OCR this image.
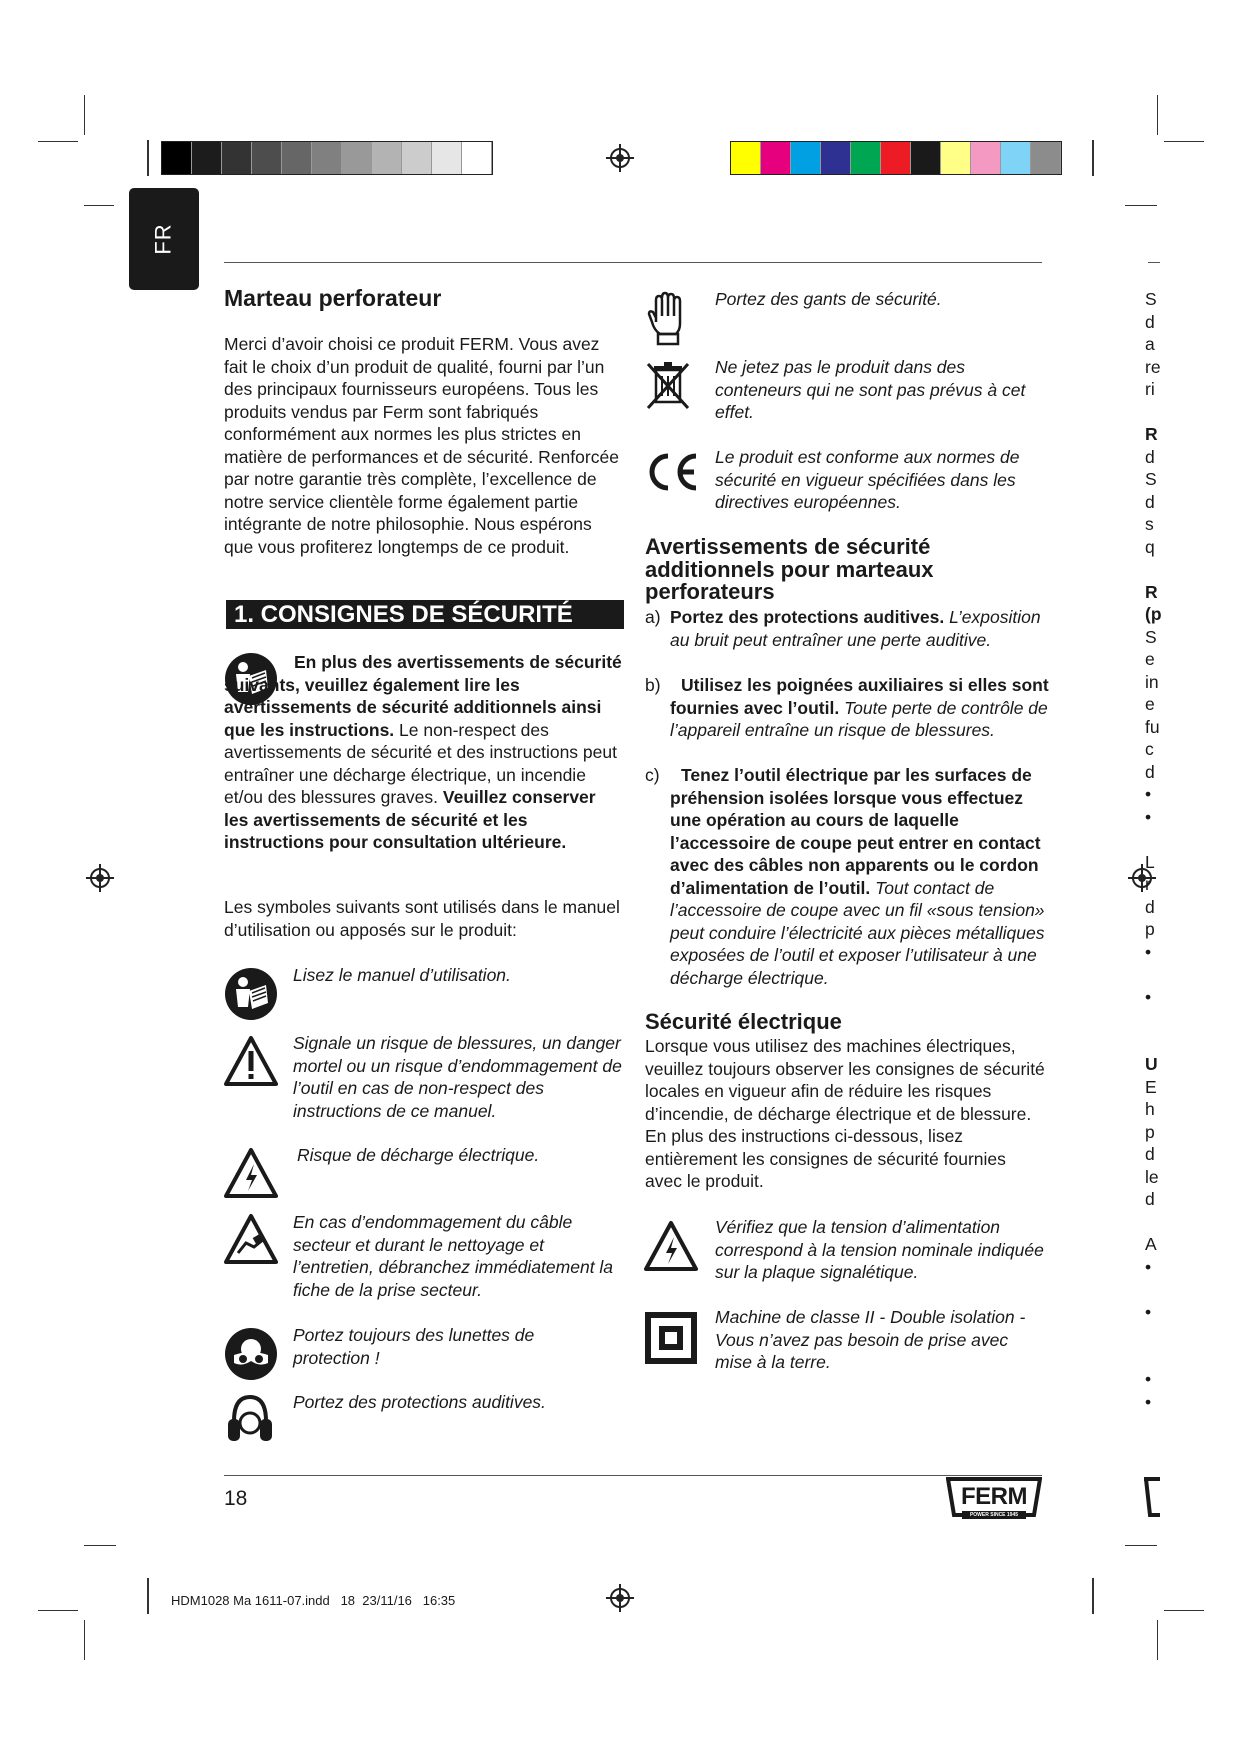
FR
Marteau perforateur
Merci d’avoir choisi ce produit FERM. Vous avez fait le choix d’un produit de qualité, fourni par l’un des principaux fournisseurs européens. Tous les produits vendus par Ferm sont fabriqués conformément aux normes les plus strictes en matière de performances et de sécurité. Renforcée par notre garantie très complète, l’excellence de notre service clientèle forme également partie intégrante de notre philosophie. Nous espérons que vous profiterez longtemps de ce produit.
1. CONSIGNES DE SÉCURITÉ
En plus des avertissements de sécurité suivants, veuillez également lire les avertissements de sécurité additionnels ainsi que les instructions. Le non-respect des avertissements de sécurité et des instructions peut entraîner une décharge électrique, un incendie et/ou des blessures graves. Veuillez conserver les avertissements de sécurité et les instructions pour consultation ultérieure.
Les symboles suivants sont utilisés dans le manuel d’utilisation ou apposés sur le produit:
Lisez le manuel d’utilisation.
Signale un risque de blessures, un danger mortel ou un risque d’endommagement de l’outil en cas de non-respect des instructions de ce manuel.
Risque de décharge électrique.
En cas d’endommagement du câble secteur et durant le nettoyage et l’entretien, débranchez immédiatement la fiche de la prise secteur.
Portez toujours des lunettes de protection !
Portez des protections auditives.
Portez des gants de sécurité.
Ne jetez pas le produit dans des conteneurs qui ne sont pas prévus à cet effet.
Le produit est conforme aux normes de sécurité en vigueur spécifiées dans les directives européennes.
Avertissements de sécurité additionnels pour marteaux perforateurs
a) Portez des protections auditives. L’exposition au bruit peut entraîner une perte auditive.
b)	Utilisez les poignées auxiliaires si elles sont fournies avec l’outil. Toute perte de contrôle de l’appareil entraîne un risque de blessures.
c)	Tenez l’outil électrique par les surfaces de préhension isolées lorsque vous effectuez une opération au cours de laquelle l’accessoire de coupe peut entrer en contact avec des câbles non apparents ou le cordon d’alimentation de l’outil. Tout contact de l’accessoire de coupe avec un fil «sous tension» peut conduire l’électricité aux pièces métalliques exposées de l’outil et exposer l’utilisateur à une décharge électrique.
Sécurité électrique
Lorsque vous utilisez des machines électriques, veuillez toujours observer les consignes de sécurité locales en vigueur afin de réduire les risques d’incendie, de décharge électrique et de blessure. En plus des instructions ci-dessous, lisez entièrement les consignes de sécurité fournies avec le produit.
Vérifiez que la tension d’alimentation correspond à la tension nominale indiquée sur la plaque signalétique.
Machine de classe II - Double isolation - Vous n’avez pas besoin de prise avec mise à la terre.
S
d
a
re
ri
R
d
S
d
s
q
R
(p
S
e
in
e
fu
c
d
•
•
L
r
d
p
•
•
U
E
h
p
d
le
d
A
•
•
•
•
18	FERM
POWER SINCE 1945
HDM1028 Ma 1611-07.indd   18  23/11/16   16:35
